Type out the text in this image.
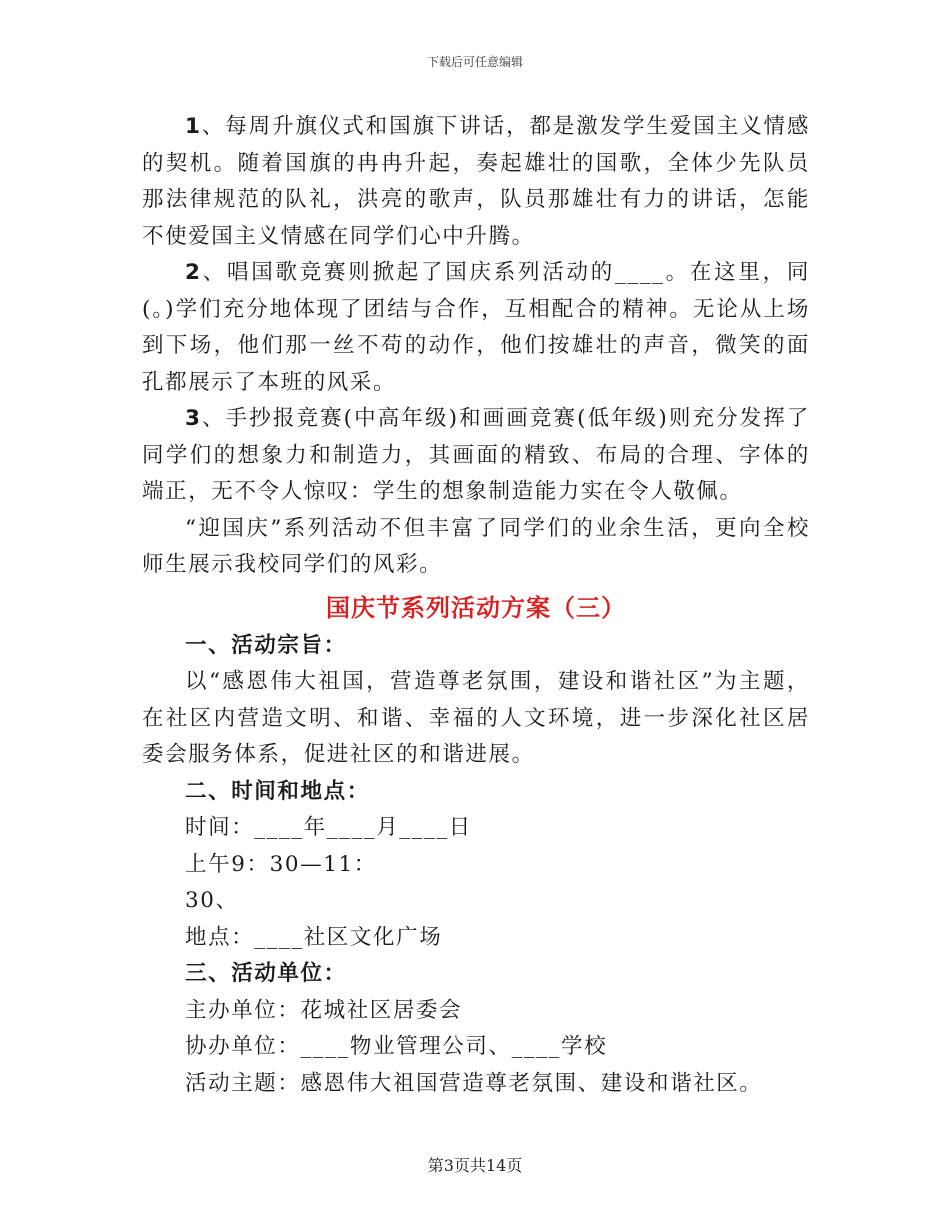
下载后可任意编辑

1、每周升旗仪式和国旗下讲话，都是激发学生爱国主义情感的契机。随着国旗的冉冉升起，奏起雄壮的国歌，全体少先队员那法律规范的队礼，洪亮的歌声，队员那雄壮有力的讲话，怎能不使爱国主义情感在同学们心中升腾。

2、唱国歌竞赛则掀起了国庆系列活动的____。在这里，同(。)学们充分地体现了团结与合作，互相配合的精神。无论从上场到下场，他们那一丝不苟的动作，他们按雄壮的声音，微笑的面孔都展示了本班的风采。

3、手抄报竞赛(中高年级)和画画竞赛(低年级)则充分发挥了同学们的想象力和制造力，其画面的精致、布局的合理、字体的端正，无不令人惊叹：学生的想象制造能力实在令人敬佩。

“迎国庆”系列活动不但丰富了同学们的业余生活，更向全校师生展示我校同学们的风彩。

国庆节系列活动方案（三）

一、活动宗旨：

以“感恩伟大祖国，营造尊老氛围，建设和谐社区”为主题，在社区内营造文明、和谐、幸福的人文环境，进一步深化社区居委会服务体系，促进社区的和谐进展。

二、时间和地点：

时间：____年____月____日

上午9：30—11：

30、

地点：____社区文化广场

三、活动单位：

主办单位：花城社区居委会

协办单位：____物业管理公司、____学校

活动主题：感恩伟大祖国营造尊老氛围、建设和谐社区。

第3页共14页
